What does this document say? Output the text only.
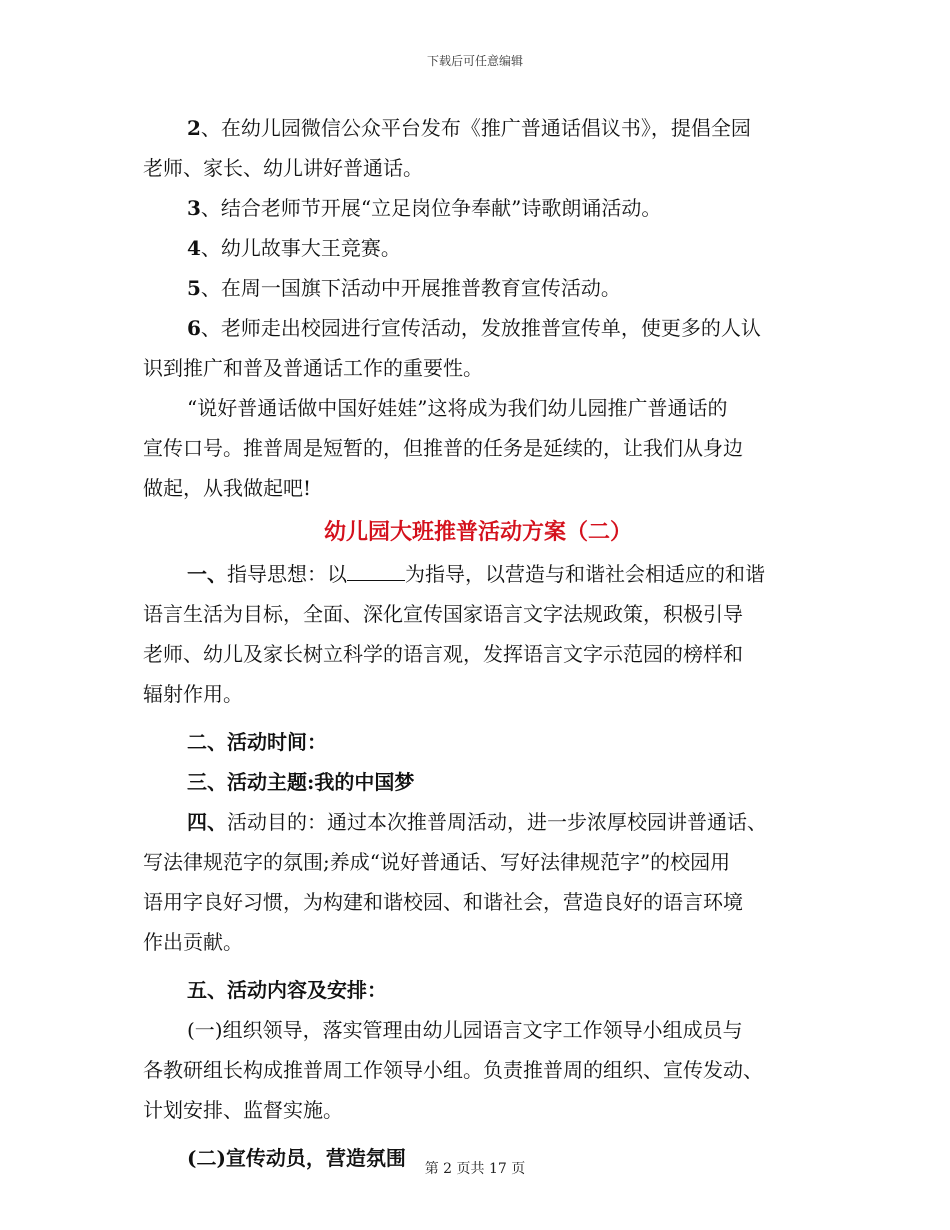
下载后可任意编辑
2、在幼儿园微信公众平台发布《推广普通话倡议书》，提倡全园
老师、家长、幼儿讲好普通话。
3、结合老师节开展“立足岗位争奉献”诗歌朗诵活动。
4、幼儿故事大王竞赛。
5、在周一国旗下活动中开展推普教育宣传活动。
6、老师走出校园进行宣传活动，发放推普宣传单，使更多的人认
识到推广和普及普通话工作的重要性。
“说好普通话做中国好娃娃”这将成为我们幼儿园推广普通话的
宣传口号。推普周是短暂的，但推普的任务是延续的，让我们从身边
做起，从我做起吧!
幼儿园大班推普活动方案（二）
一、指导思想：以	为指导，以营造与和谐社会相适应的和谐
语言生活为目标，全面、深化宣传国家语言文字法规政策，积极引导
老师、幼儿及家长树立科学的语言观，发挥语言文字示范园的榜样和
辐射作用。
二、活动时间：
三、活动主题:我的中国梦
四、活动目的：通过本次推普周活动，进一步浓厚校园讲普通话、
写法律规范字的氛围;养成“说好普通话、写好法律规范字”的校园用
语用字良好习惯，为构建和谐校园、和谐社会，营造良好的语言环境
作出贡献。
五、活动内容及安排：
(一)组织领导，落实管理由幼儿园语言文字工作领导小组成员与
各教研组长构成推普周工作领导小组。负责推普周的组织、宣传发动、
计划安排、监督实施。
(二)宣传动员，营造氛围	第 2 页共 17 页
